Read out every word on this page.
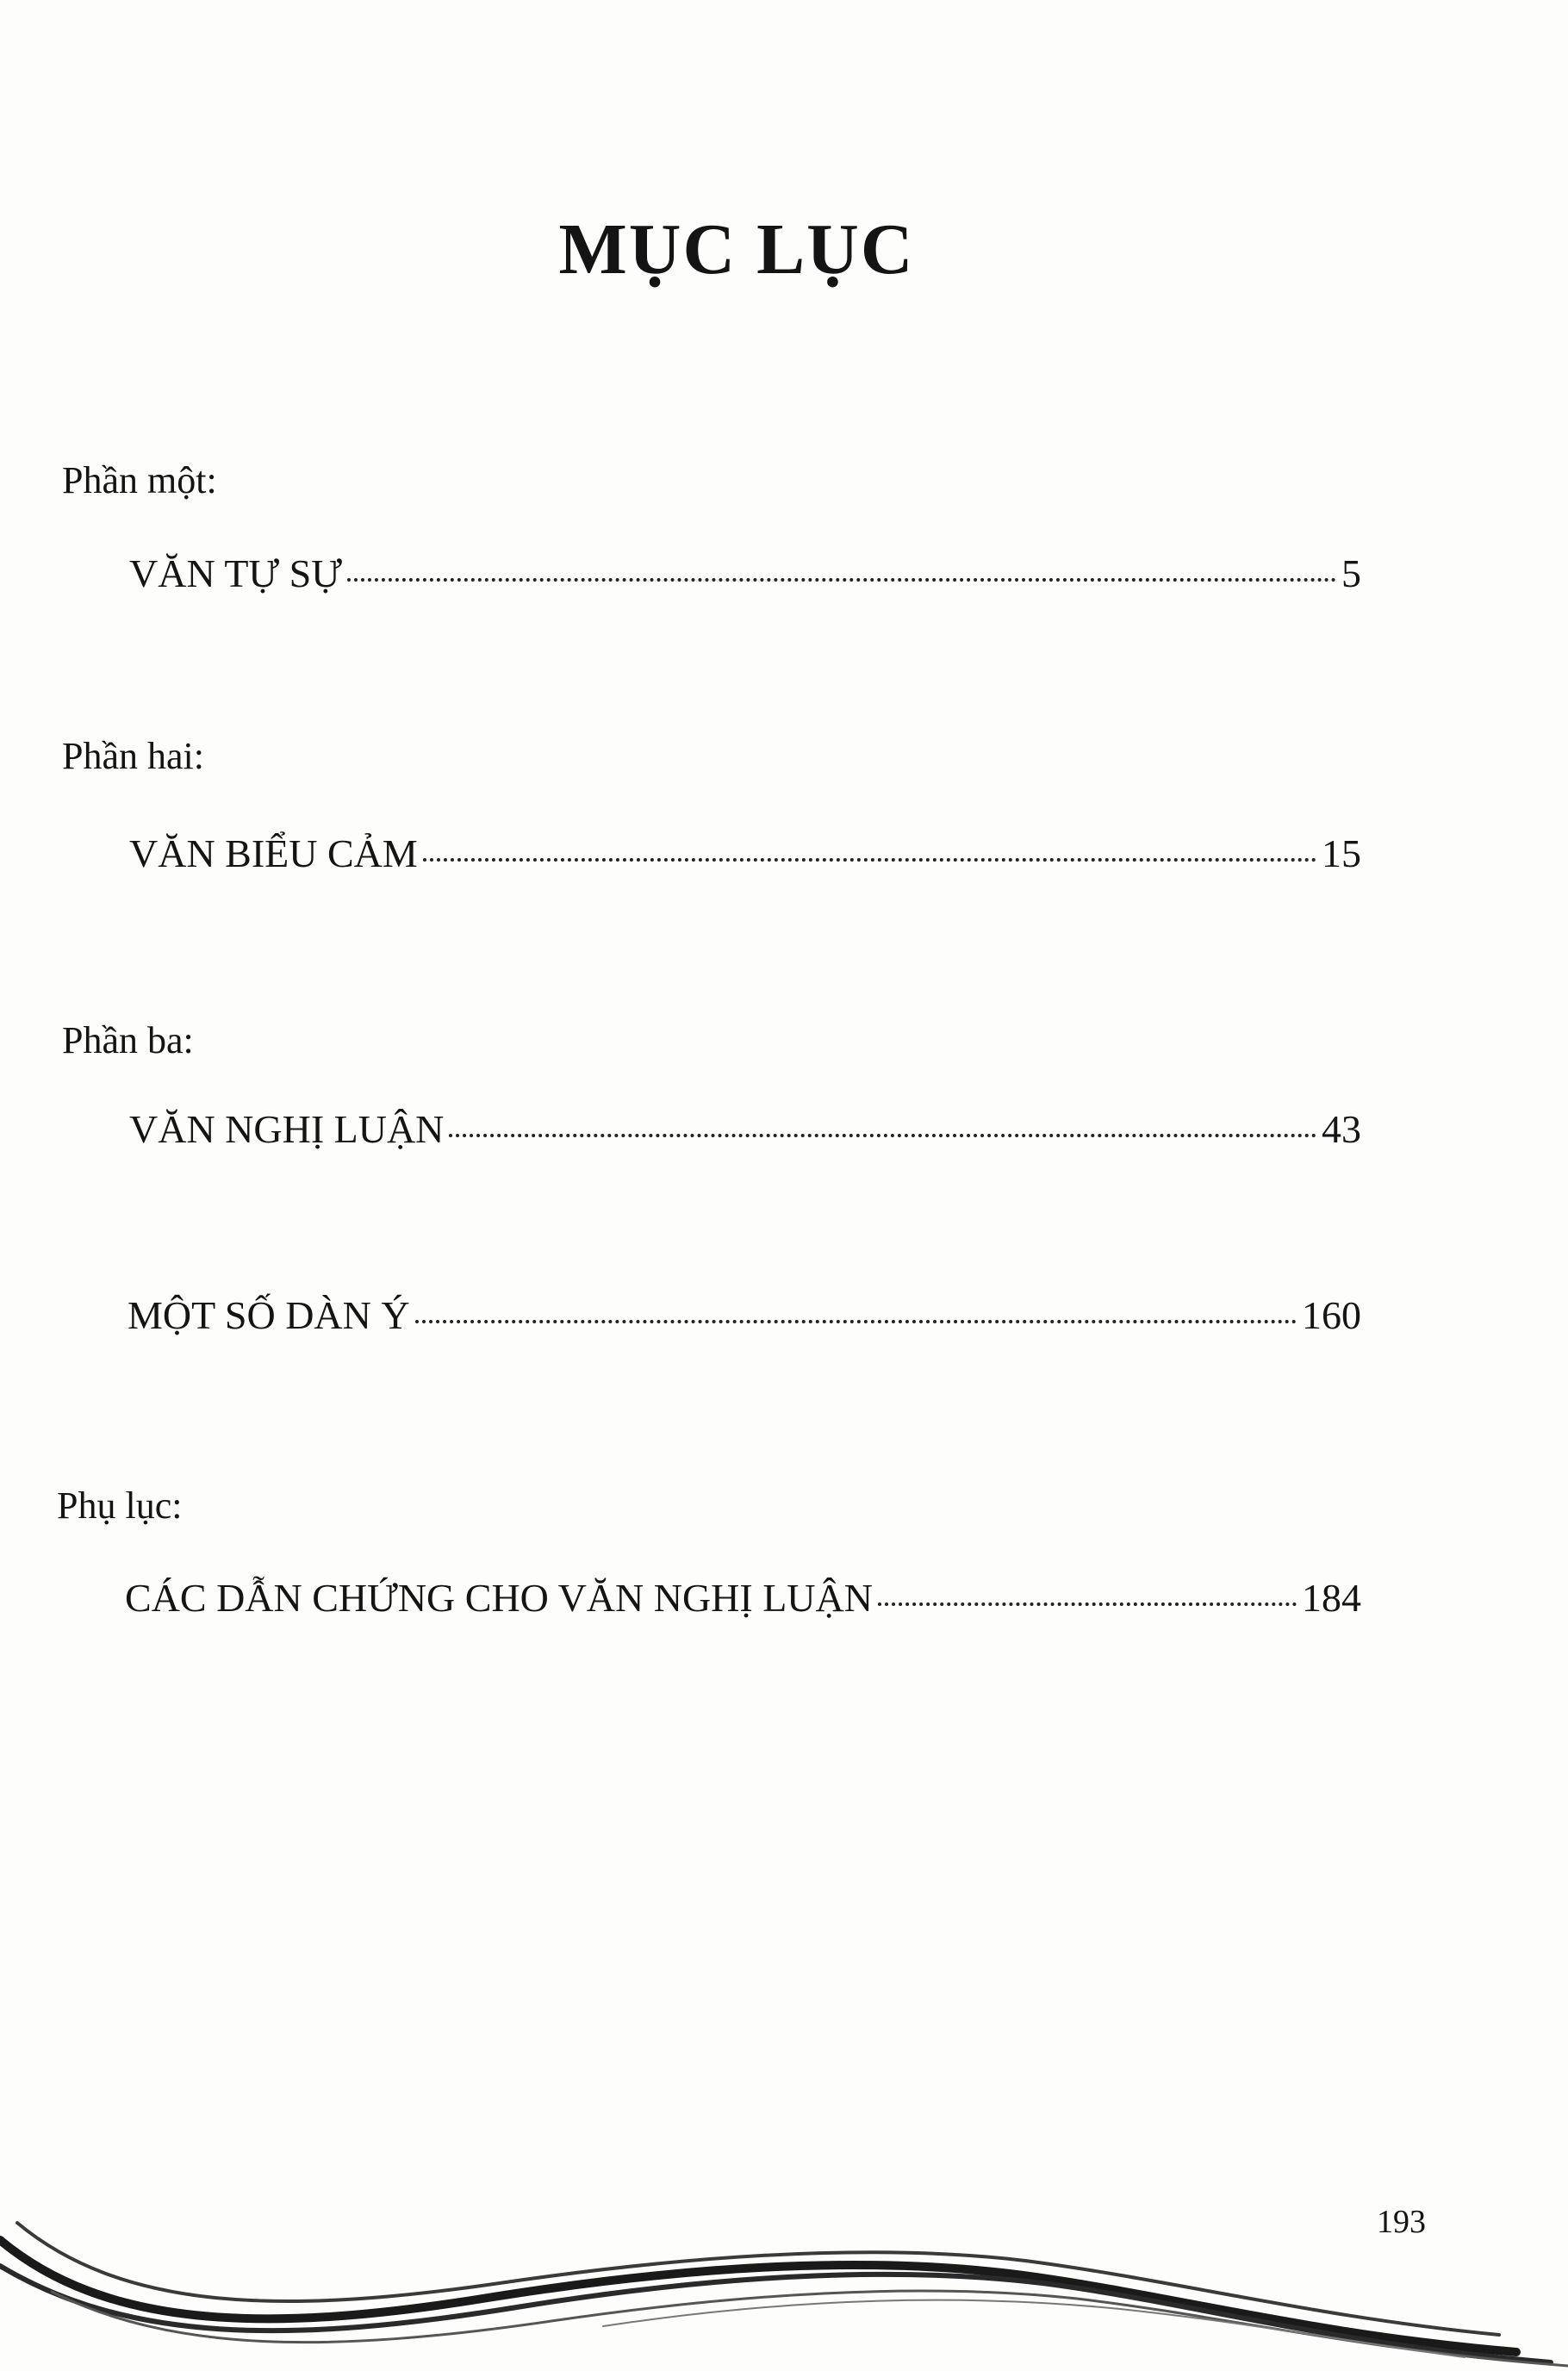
MỤC LỤC
Phần một:
VĂN TỰ SỰ	5
Phần hai:
VĂN BIỂU CẢM	15
Phần ba:
VĂN NGHỊ LUẬN	43
MỘT SỐ DÀN Ý	160
Phụ lục:
CÁC DẪN CHỨNG CHO VĂN NGHỊ LUẬN	184
193
